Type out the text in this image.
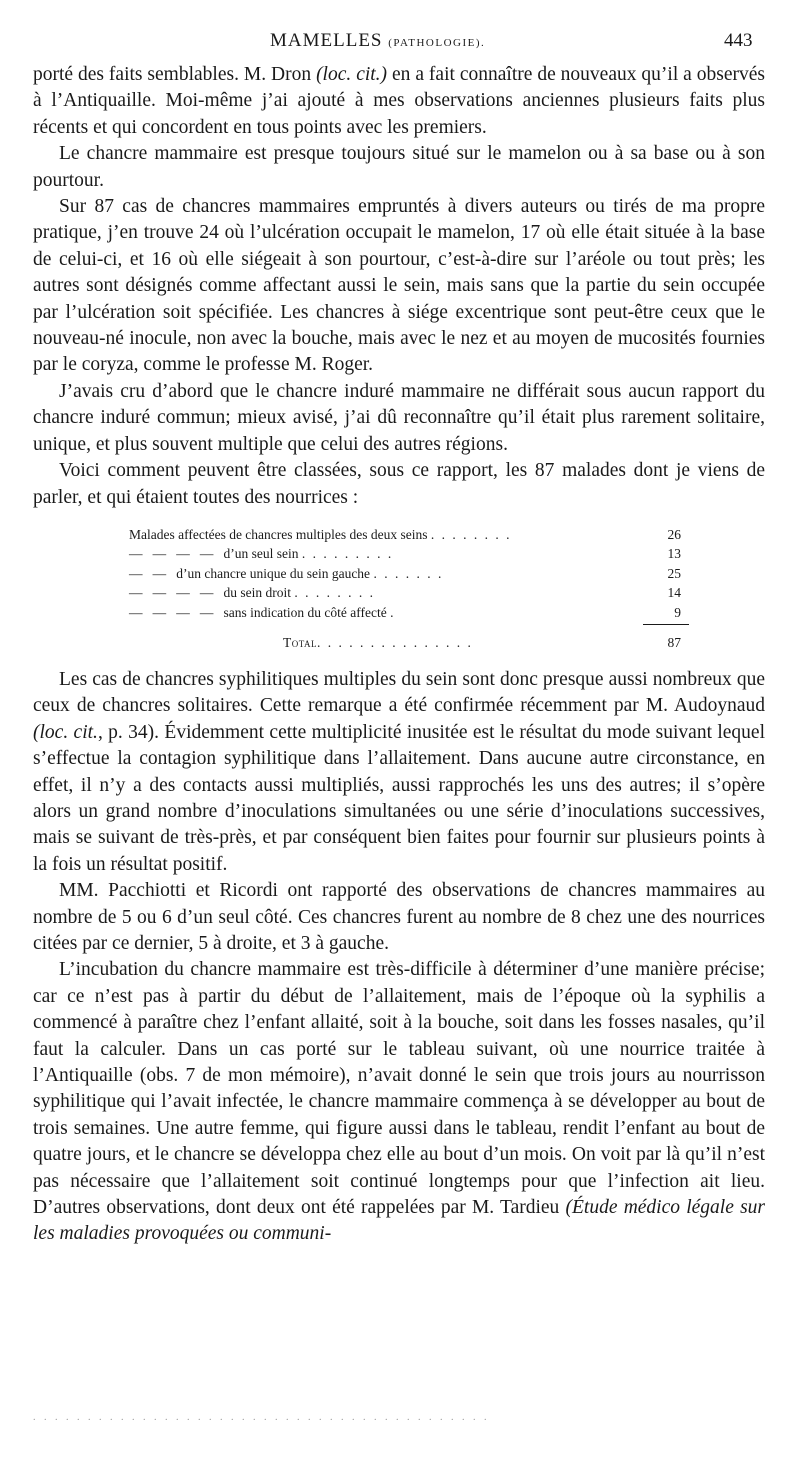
MAMELLES (PATHOLOGIE).	443

porté des faits semblables. M. Dron (loc. cit.) en a fait connaître de nouveaux qu’il a observés à l’Antiquaille. Moi-même j’ai ajouté à mes observations anciennes plusieurs faits plus récents et qui concordent en tous points avec les premiers.

Le chancre mammaire est presque toujours situé sur le mamelon ou à sa base ou à son pourtour.

Sur 87 cas de chancres mammaires empruntés à divers auteurs ou tirés de ma propre pratique, j’en trouve 24 où l’ulcération occupait le mamelon, 17 où elle était située à la base de celui-ci, et 16 où elle siégeait à son pourtour, c’est-à-dire sur l’aréole ou tout près; les autres sont désignés comme affectant aussi le sein, mais sans que la partie du sein occupée par l’ulcération soit spécifiée. Les chancres à siége excentrique sont peut-être ceux que le nouveau-né inocule, non avec la bouche, mais avec le nez et au moyen de mucosités fournies par le coryza, comme le professe M. Roger.

J’avais cru d’abord que le chancre induré mammaire ne différait sous aucun rapport du chancre induré commun; mieux avisé, j’ai dû reconnaître qu’il était plus rarement solitaire, unique, et plus souvent multiple que celui des autres régions.

Voici comment peuvent être classées, sous ce rapport, les 87 malades dont je viens de parler, et qui étaient toutes des nourrices :

Malades affectées de chancres multiples des deux seins . . . . . . . .	26
—   —   —   —   d’un seul sein . . . . . . . . .	13
—   —   d’un chancre unique du sein gauche . . . . . . .	25
—   —   —   —   du sein droit . . . . . . . .	14
—   —   —   —   sans indication du côté affecté .	9
Total. . . . . . . . . . . . . . .	87

Les cas de chancres syphilitiques multiples du sein sont donc presque aussi nombreux que ceux de chancres solitaires. Cette remarque a été confirmée récemment par M. Audoynaud (loc. cit., p. 34). Évidemment cette multiplicité inusitée est le résultat du mode suivant lequel s’effectue la contagion syphilitique dans l’allaitement. Dans aucune autre circonstance, en effet, il n’y a des contacts aussi multipliés, aussi rapprochés les uns des autres; il s’opère alors un grand nombre d’inoculations simultanées ou une série d’inoculations successives, mais se suivant de très-près, et par conséquent bien faites pour fournir sur plusieurs points à la fois un résultat positif.

MM. Pacchiotti et Ricordi ont rapporté des observations de chancres mammaires au nombre de 5 ou 6 d’un seul côté. Ces chancres furent au nombre de 8 chez une des nourrices citées par ce dernier, 5 à droite, et 3 à gauche.

L’incubation du chancre mammaire est très-difficile à déterminer d’une manière précise; car ce n’est pas à partir du début de l’allaitement, mais de l’époque où la syphilis a commencé à paraître chez l’enfant allaité, soit à la bouche, soit dans les fosses nasales, qu’il faut la calculer. Dans un cas porté sur le tableau suivant, où une nourrice traitée à l’Antiquaille (obs. 7 de mon mémoire), n’avait donné le sein que trois jours au nourrisson syphilitique qui l’avait infectée, le chancre mammaire commença à se développer au bout de trois semaines. Une autre femme, qui figure aussi dans le tableau, rendit l’enfant au bout de quatre jours, et le chancre se développa chez elle au bout d’un mois. On voit par là qu’il n’est pas nécessaire que l’allaitement soit continué longtemps pour que l’infection ait lieu. D’autres observations, dont deux ont été rappelées par M. Tardieu (Étude médico légale sur les maladies provoquées ou communi-

. . . . . . . . . . . . . . . . . . . . . . . . . . . . . . . . . . . . . . . . . .
